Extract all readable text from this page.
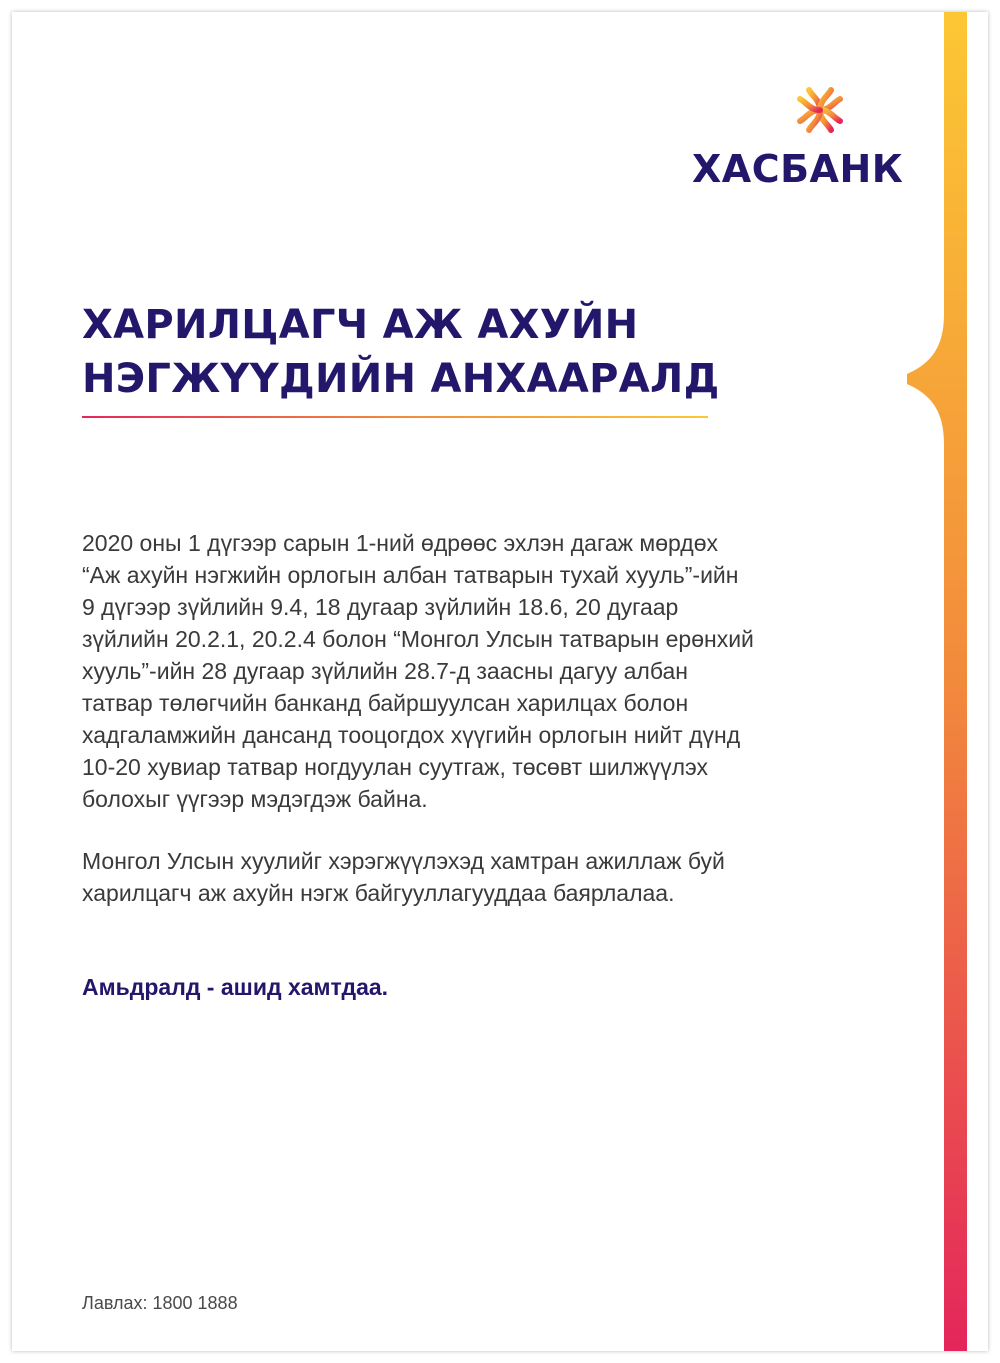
ХАСБАНК
ХАРИЛЦАГЧ АЖ АХУЙН
НЭГЖҮҮДИЙН АНХААРАЛД

2020 оны 1 дүгээр сарын 1-ний өдрөөс эхлэн дагаж мөрдөх
“Аж ахуйн нэгжийн орлогын албан татварын тухай хууль”-ийн
9 дүгээр зүйлийн 9.4, 18 дугаар зүйлийн 18.6, 20 дугаар
зүйлийн 20.2.1, 20.2.4 болон “Монгол Улсын татварын ерөнхий
хууль”-ийн 28 дугаар зүйлийн 28.7-д заасны дагуу албан
татвар төлөгчийн банканд байршуулсан харилцах болон
хадгаламжийн дансанд тооцогдох хүүгийн орлогын нийт дүнд
10-20 хувиар татвар ногдуулан суутгаж, төсөвт шилжүүлэх
болохыг үүгээр мэдэгдэж байна.

Монгол Улсын хуулийг хэрэгжүүлэхэд хамтран ажиллаж буй
харилцагч аж ахуйн нэгж байгууллагууддаа баярлалаа.

Амьдралд - ашид хамтдаа.

Лавлах: 1800 1888
